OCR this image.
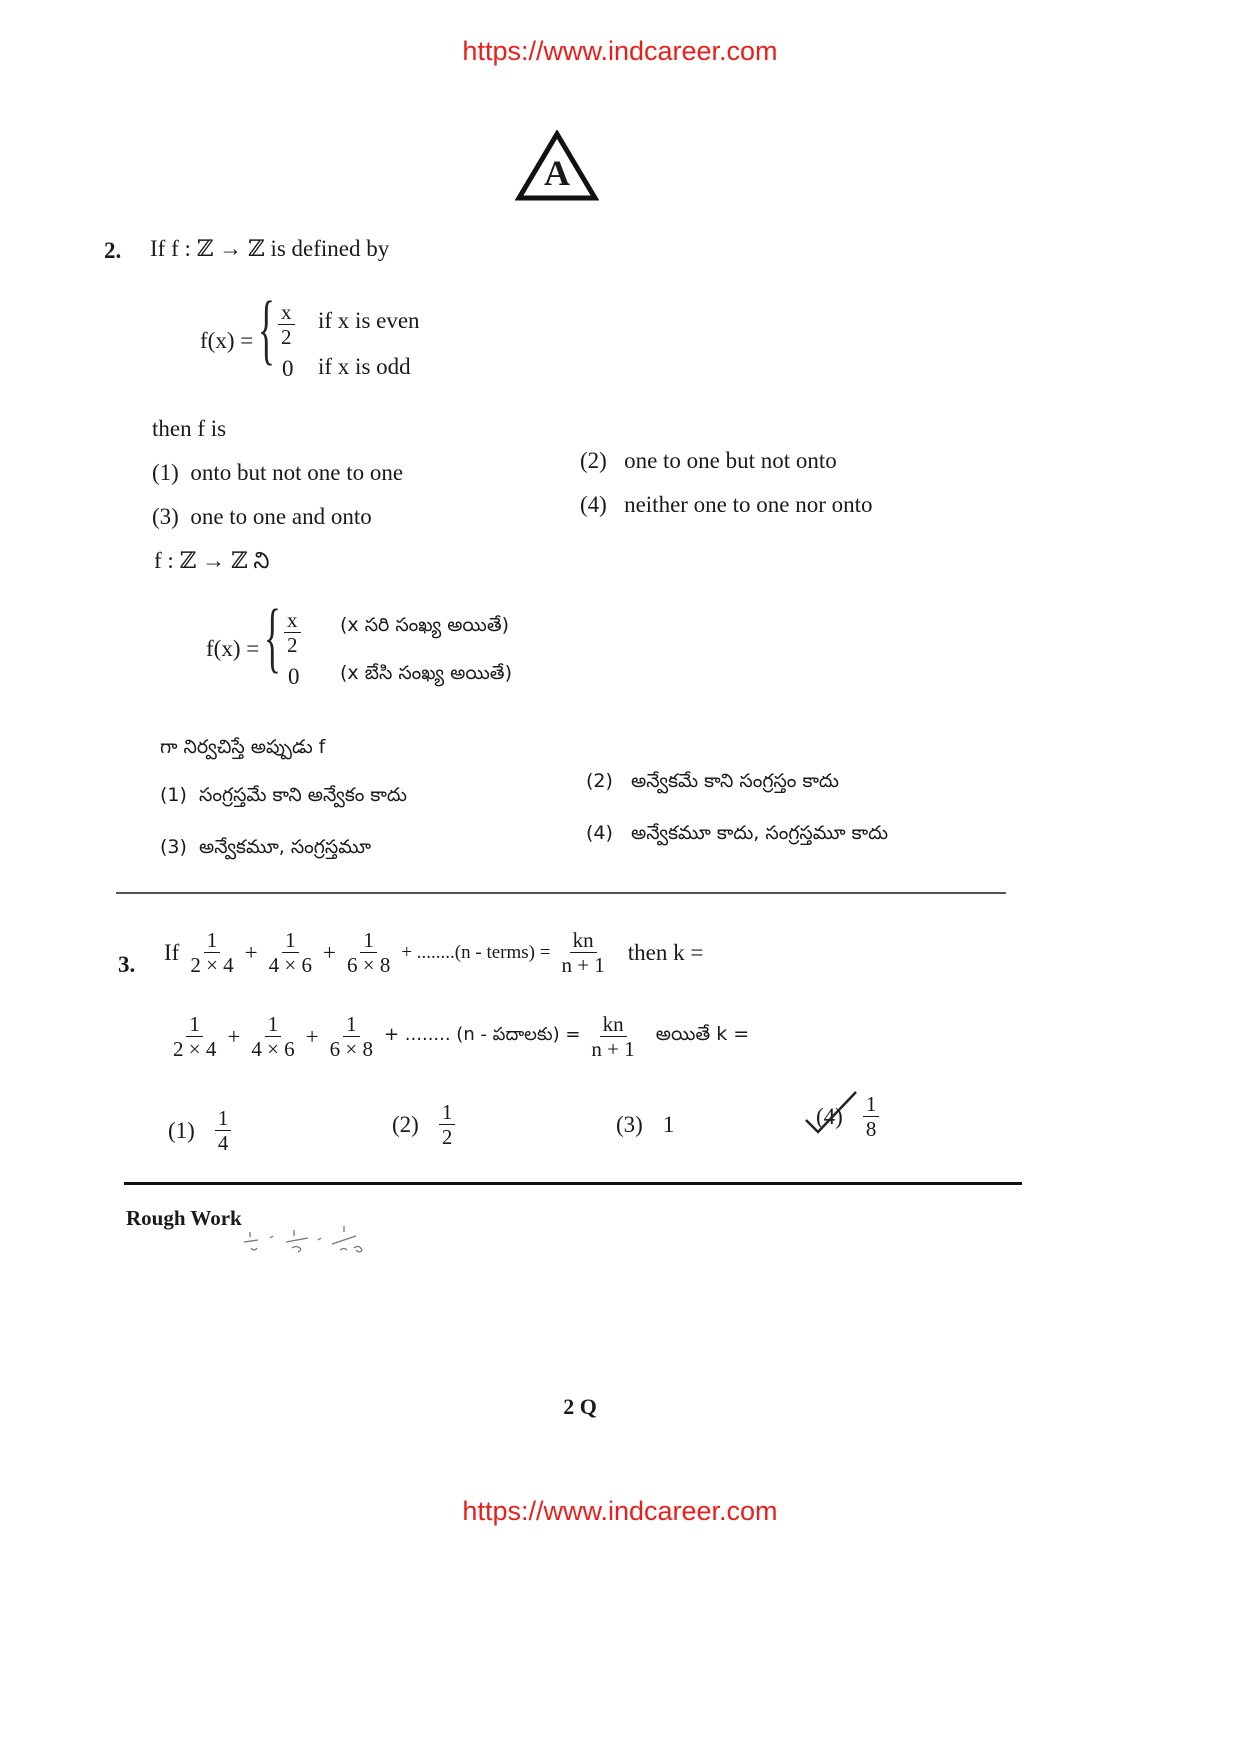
https://www.indcareer.com
A
2. If f : ℤ → ℤ is defined by
f(x) = { $\frac{x}{2}$ if x is even
0 if x is odd
then f is
(1) onto but not one to one	(2) one to one but not onto
(3) one to one and onto	(4) neither one to one nor onto
f : ℤ → ℤ ని
f(x) = { $\frac{x}{2} (x$ సరి సంఖ్య అయితే)
0 (x బేసి సంఖ్య అయితే)
గా నిర్వచిస్తే అప్పుడు f
(1) సంగ్రస్తమే కాని అన్వేకం కాదు
(2) అన్వేకమే కాని సంగ్రస్తం కాదు
(3) అన్వేకమూ, సంగ్రస్తమూ
(4) అన్వేకమూ కాదు, సంగ్రస్తమూ కాదు
3. If $\frac{1}{2 \times 4} + \frac{1}{4 \times 6} + \frac{1}{6 \times 8} + ........(n$ - terms) = $\frac{kn}{n + 1}$ then k =
$\frac{1}{2 \times 4} + \frac{1}{4 \times 6} + \frac{1}{6 \times 8}$ + ........ (n - పదాలకు) = $\frac{kn}{n + 1}$ అయితే k =
$(1) \frac{1}{4}$	$(2) \frac{1}{2}$	(3) 1	$(4) \frac{1}{8}$
Rough Work
2 Q
https://www.indcareer.com
